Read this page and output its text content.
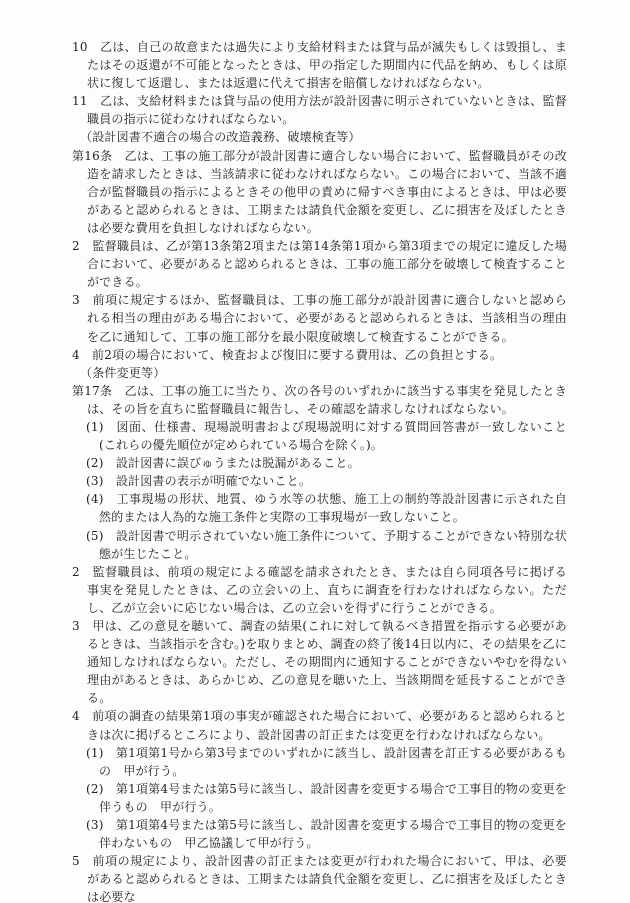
10　 乙は、自己の故意または過失により支給材料または貸与品が滅失もしくは毀損し、またはその返還が不可能となったときは、甲の指定した期間内に代品を納め、もしくは原状に復して返還し、または返還に代えて損害を賠償しなければならない。

11　 乙は、支給材料または貸与品の使用方法が設計図書に明示されていないときは、監督職員の指示に従わなければならない。

（設計図書不適合の場合の改造義務、破壊検査等）

第16条　 乙は、工事の施工部分が設計図書に適合しない場合において、監督職員がその改造を請求したときは、当該請求に従わなければならない。この場合において、当該不適合が監督職員の指示によるときその他甲の責めに帰すべき事由によるときは、甲は必要があると認められるときは、工期または請負代金額を変更し、乙に損害を及ぼしたときは必要な費用を負担しなければならない。

2　 監督職員は、乙が第13条第2項または第14条第1項から第3項までの規定に違反した場合において、必要があると認められるときは、工事の施工部分を破壊して検査することができる。

3　 前項に規定するほか、監督職員は、工事の施工部分が設計図書に適合しないと認められる相当の理由がある場合において、必要があると認められるときは、当該相当の理由を乙に通知して、工事の施工部分を最小限度破壊して検査することができる。

4　 前2項の場合において、検査および復旧に要する費用は、乙の負担とする。

（条件変更等）

第17条　 乙は、工事の施工に当たり、次の各号のいずれかに該当する事実を発見したときは、その旨を直ちに監督職員に報告し、その確認を請求しなければならない。

(1)　 図面、仕様書、現場説明書および現場説明に対する質問回答書が一致しないこと(これらの優先順位が定められている場合を除く。)。

(2)　 設計図書に誤びゅうまたは脱漏があること。

(3)　 設計図書の表示が明確でないこと。

(4)　 工事現場の形状、地質、ゆう水等の状態、施工上の制約等設計図書に示された自然的または人為的な施工条件と実際の工事現場が一致しないこと。

(5)　 設計図書で明示されていない施工条件について、予期することができない特別な状態が生じたこと。

2　 監督職員は、前項の規定による確認を請求されたとき、または自ら同項各号に掲げる事実を発見したときは、乙の立会いの上、直ちに調査を行わなければならない。ただし、乙が立会いに応じない場合は、乙の立会いを得ずに行うことができる。

3　 甲は、乙の意見を聴いて、調査の結果(これに対して執るべき措置を指示する必要があるときは、当該指示を含む。)を取りまとめ、調査の終了後14日以内に、その結果を乙に通知しなければならない。ただし、その期間内に通知することができないやむを得ない理由があるときは、あらかじめ、乙の意見を聴いた上、当該期間を延長することができる。

4　 前項の調査の結果第1項の事実が確認された場合において、必要があると認められるときは次に掲げるところにより、設計図書の訂正または変更を行わなければならない。

(1)　 第1項第1号から第3号までのいずれかに該当し、設計図書を訂正する必要があるもの　甲が行う。

(2)　 第1項第4号または第5号に該当し、設計図書を変更する場合で工事目的物の変更を伴うもの　甲が行う。

(3)　 第1項第4号または第5号に該当し、設計図書を変更する場合で工事目的物の変更を伴わないもの　甲乙協議して甲が行う。

5　 前項の規定により、設計図書の訂正または変更が行われた場合において、甲は、必要があると認められるときは、工期または請負代金額を変更し、乙に損害を及ぼしたときは必要な
